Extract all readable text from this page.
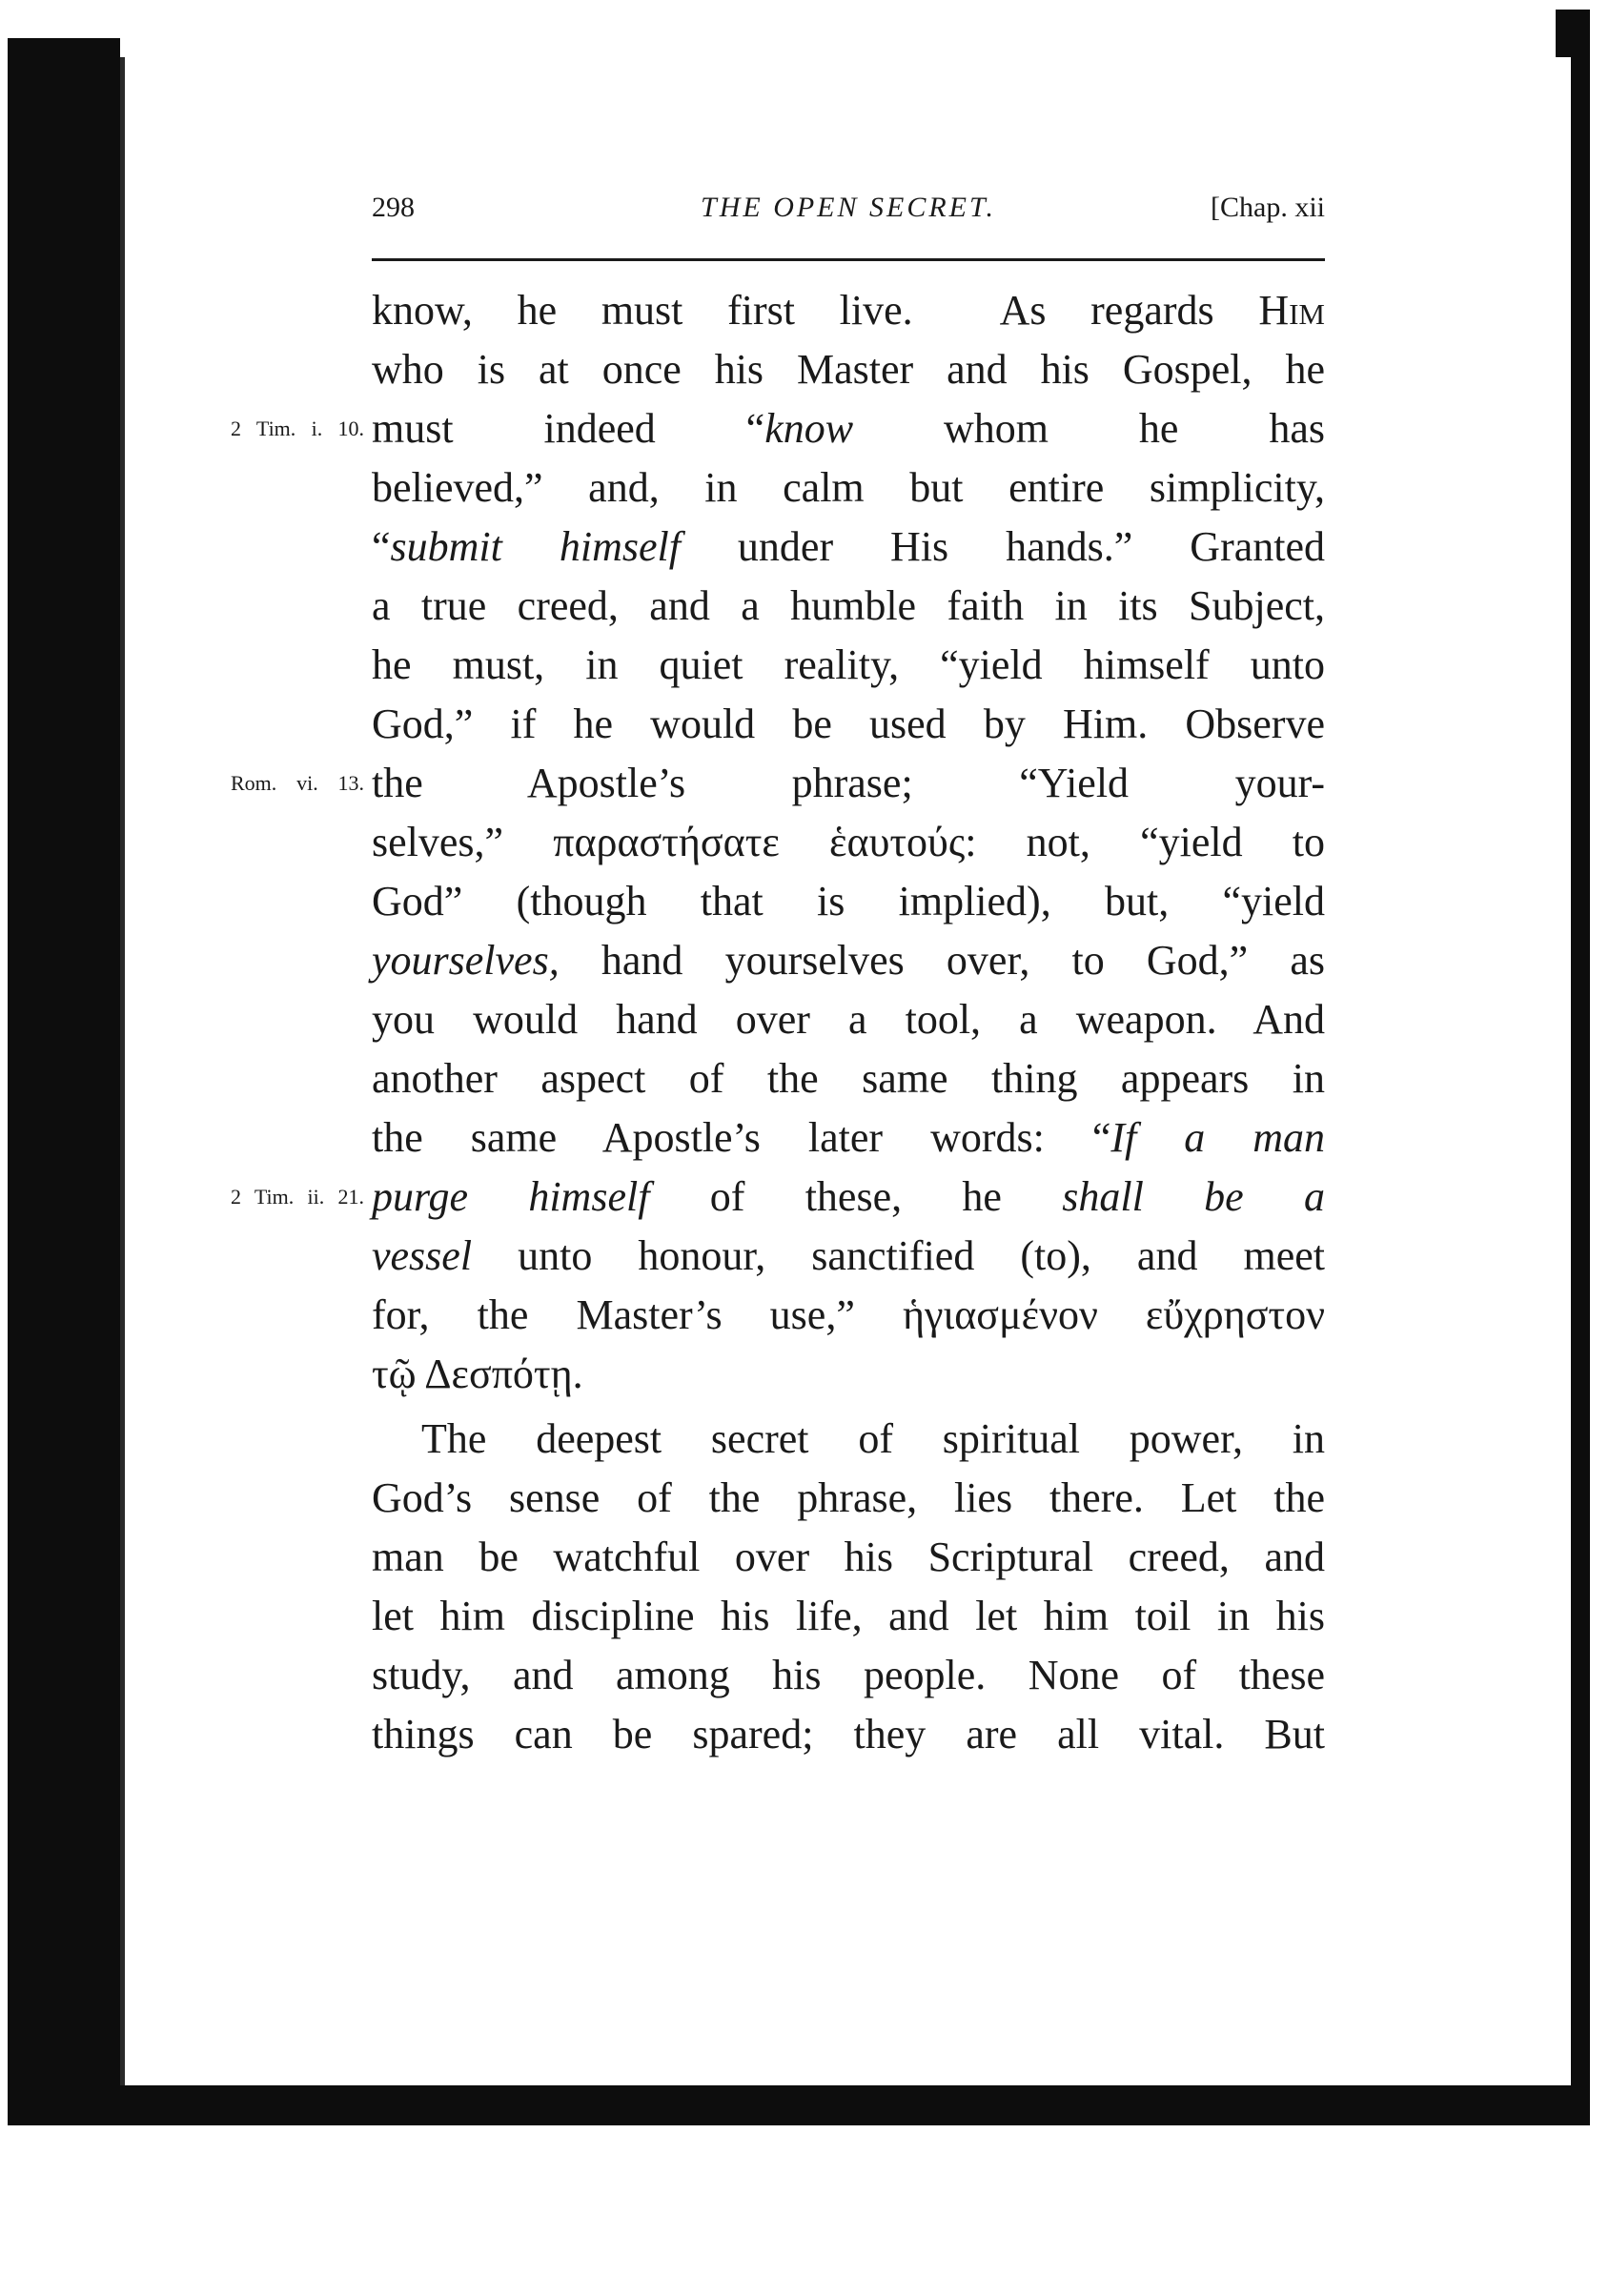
298	THE OPEN SECRET.	[Chap. xii
know, he must first live.  As regards Him
who is at once his Master and his Gospel, he
2 Tim. i. 10. must indeed “know whom he has
believed,” and, in calm but entire simplicity,
“submit himself under His hands.” Granted
a true creed, and a humble faith in its Subject,
he must, in quiet reality, “yield himself unto
God,” if he would be used by Him. Observe
Rom. vi. 13. the Apostle’s phrase; “Yield your-
selves,” παραστήσατε ἑαυτούς: not, “yield to
God” (though that is implied), but, “yield
yourselves, hand yourselves over, to God,” as
you would hand over a tool, a weapon. And
another aspect of the same thing appears in
the same Apostle’s later words: “If a man
2 Tim. ii. 21. purge himself of these, he shall be a
vessel unto honour, sanctified (to), and meet
for, the Master’s use,” ἡγιασμένον εὔχρηστον
τῷ Δεσπότῃ.
The deepest secret of spiritual power, in
God’s sense of the phrase, lies there. Let the
man be watchful over his Scriptural creed, and
let him discipline his life, and let him toil in his
study, and among his people. None of these
things can be spared; they are all vital. But
